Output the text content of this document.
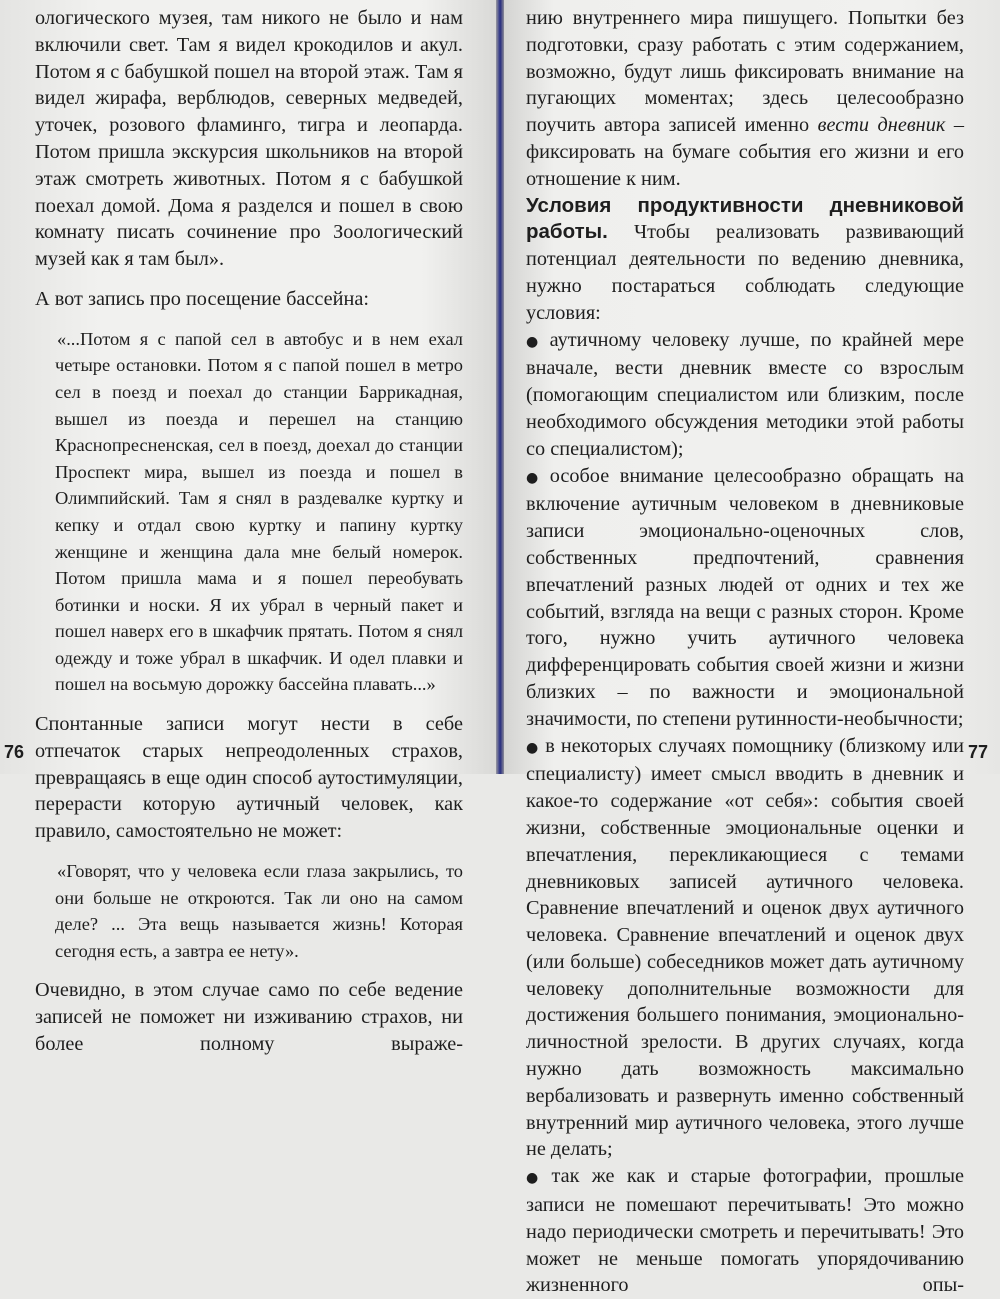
ологического музея, там никого не было и нам включили свет. Там я видел крокодилов и акул. Потом я с бабушкой пошел на второй этаж. Там я видел жирафа, верблюдов, северных медведей, уточек, розового фламинго, тигра и леопарда. Потом пришла экскурсия школьников на второй этаж смотреть животных. Потом я с бабушкой поехал домой. Дома я разделся и пошел в свою комнату писать сочинение про Зоологический музей как я там был».

А вот запись про посещение бассейна:

«...Потом я с папой сел в автобус и в нем ехал четыре остановки. Потом я с папой пошел в метро сел в поезд и поехал до станции Баррикадная, вышел из поезда и перешел на станцию Краснопресненская, сел в поезд, доехал до станции Проспект мира, вышел из поезда и пошел в Олимпийский. Там я снял в раздевалке куртку и кепку и отдал свою куртку и папину куртку женщине и женщина дала мне белый номерок. Потом пришла мама и я пошел переобувать ботинки и носки. Я их убрал в черный пакет и пошел наверх его в шкафчик прятать. Потом я снял одежду и тоже убрал в шкафчик. И одел плавки и пошел на восьмую дорожку бассейна плавать...»

Спонтанные записи могут нести в себе отпечаток старых непреодоленных страхов, превращаясь в еще один способ аутостимуляции, перерасти которую аутичный человек, как правило, самостоятельно не может:

«Говорят, что у человека если глаза закрылись, то они больше не откроются. Так ли оно на самом деле? ... Эта вещь называется жизнь! Которая сегодня есть, а завтра ее нету».

Очевидно, в этом случае само по себе ведение записей не поможет ни изживанию страхов, ни более полному выраже-

76

нию внутреннего мира пишущего. Попытки без подготовки, сразу работать с этим содержанием, возможно, будут лишь фиксировать внимание на пугающих моментах; здесь целесообразно поучить автора записей именно вести дневник – фиксировать на бумаге события его жизни и его отношение к ним.

Условия продуктивности дневниковой работы. Чтобы реализовать развивающий потенциал деятельности по ведению дневника, нужно постараться соблюдать следующие условия:

● аутичному человеку лучше, по крайней мере вначале, вести дневник вместе со взрослым (помогающим специалистом или близким, после необходимого обсуждения методики этой работы со специалистом);

● особое внимание целесообразно обращать на включение аутичным человеком в дневниковые записи эмоционально-оценочных слов, собственных предпочтений, сравнения впечатлений разных людей от одних и тех же событий, взгляда на вещи с разных сторон. Кроме того, нужно учить аутичного человека дифференцировать события своей жизни и жизни близких – по важности и эмоциональной значимости, по степени рутинности-необычности;

● в некоторых случаях помощнику (близкому или специалисту) имеет смысл вводить в дневник и какое-то содержание «от себя»: события своей жизни, собственные эмоциональные оценки и впечатления, перекликающиеся с темами дневниковых записей аутичного человека. Сравнение впечатлений и оценок двух аутичного человека. Сравнение впечатлений и оценок двух (или больше) собеседников может дать аутичному человеку дополнительные возможности для достижения большего понимания, эмоционально-личностной зрелости. В других случаях, когда нужно дать возможность максимально вербализовать и развернуть именно собственный внутренний мир аутичного человека, этого лучше не делать;

● так же как и старые фотографии, прошлые записи не помешают перечитывать! Это можно надо периодически смотреть и перечитывать! Это может не меньше помогать упорядочиванию жизненного опы-

77
